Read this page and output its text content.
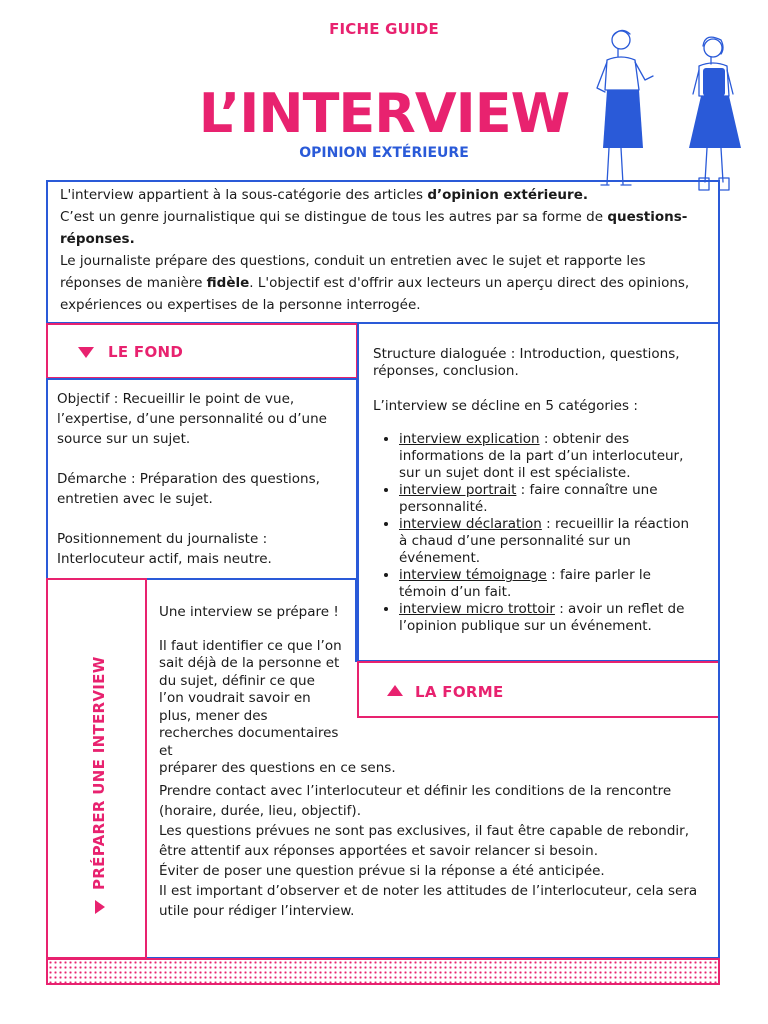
FICHE GUIDE
L’INTERVIEW
OPINION EXTÉRIEURE

L'interview appartient à la sous-catégorie des articles d’opinion extérieure.

C’est un genre journalistique qui se distingue de tous les autres par sa forme de questions-réponses.

Le journaliste prépare des questions, conduit un entretien avec le sujet et rapporte les réponses de manière fidèle. L'objectif est d'offrir aux lecteurs un aperçu direct des opinions, expériences ou expertises de la personne interrogée.

LE FOND

Objectif : Recueillir le point de vue, l’expertise, d’une personnalité ou d’une source sur un sujet.

Démarche : Préparation des questions, entretien avec le sujet.

Positionnement du journaliste :

Interlocuteur actif, mais neutre.

Structure dialoguée : Introduction, questions, réponses, conclusion.

L’interview se décline en 5 catégories :

• interview explication : obtenir des informations de la part d’un interlocuteur, sur un sujet dont il est spécialiste.
• interview portrait : faire connaître une personnalité.
• interview déclaration : recueillir la réaction à chaud d’une personnalité sur un événement.
• interview témoignage : faire parler le témoin d’un fait.
• interview micro trottoir : avoir un reflet de l’opinion publique sur un événement.
LA FORME
PRÉPARER UNE INTERVIEW

Une interview se prépare !

Il faut identifier ce que l’on sait déjà de la personne et du sujet, définir ce que l’on voudrait savoir en plus, mener des recherches documentaires et

préparer des questions en ce sens.

Prendre contact avec l’interlocuteur et définir les conditions de la rencontre (horaire, durée, lieu, objectif).

Les questions prévues ne sont pas exclusives, il faut être capable de rebondir, être attentif aux réponses apportées et savoir relancer si besoin.

Éviter de poser une question prévue si la réponse a été anticipée.

Il est important d’observer et de noter les attitudes de l’interlocuteur, cela sera utile pour rédiger l’interview.
